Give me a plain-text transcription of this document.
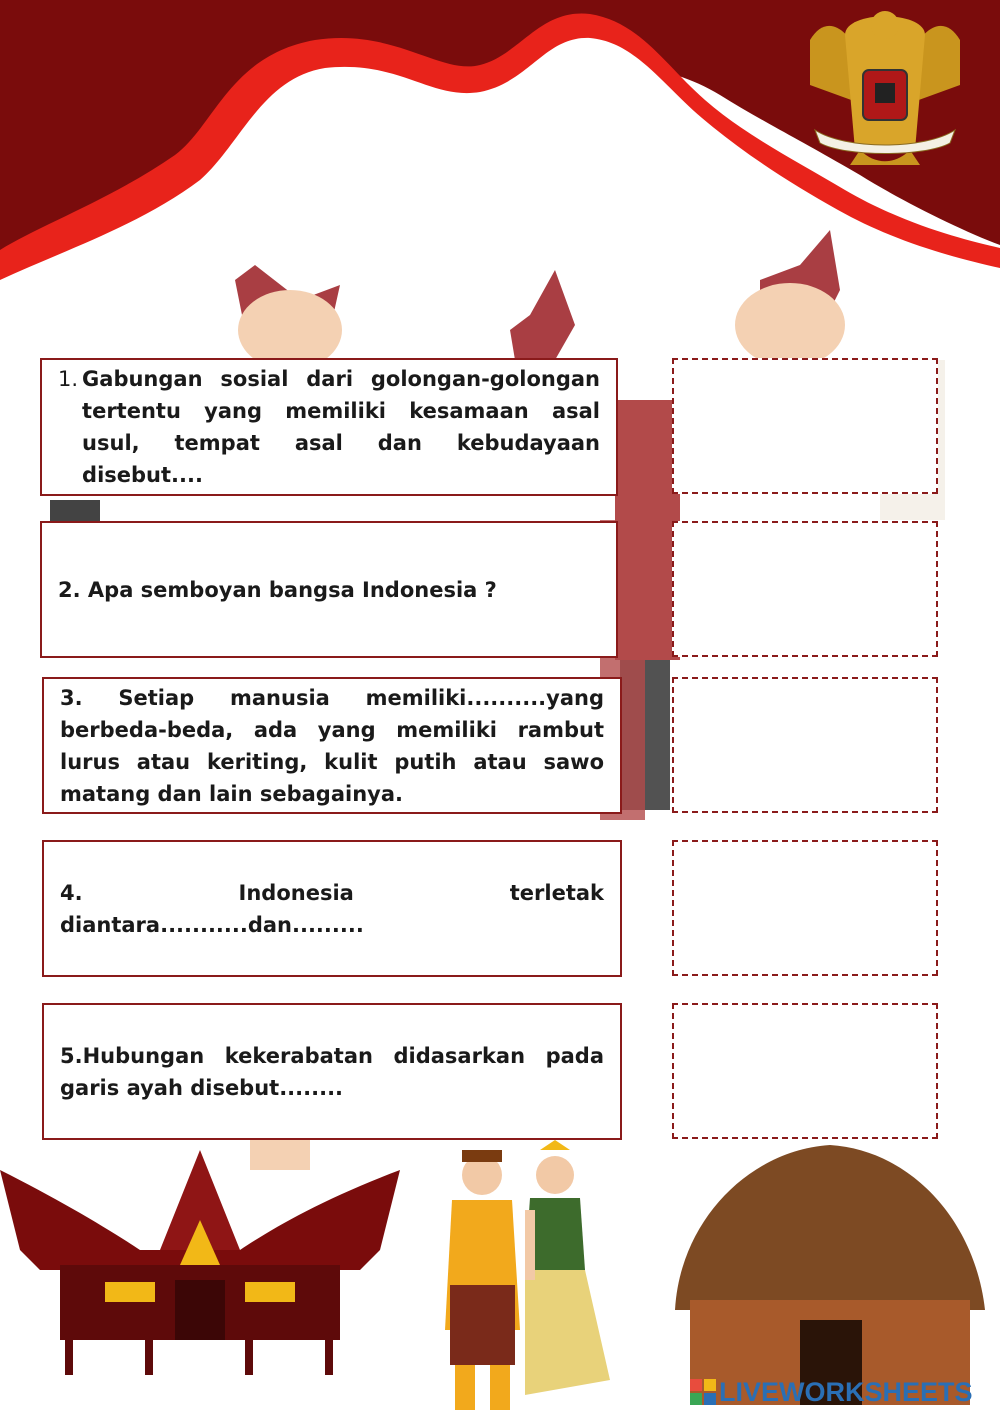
1. Gabungan sosial dari golongan-golongan tertentu yang memiliki kesamaan asal usul, tempat asal dan kebudayaan disebut....
2. Apa semboyan bangsa Indonesia ?
3. Setiap manusia memiliki..........yang berbeda-beda, ada yang memiliki rambut lurus atau keriting, kulit putih atau sawo matang dan lain sebagainya.
4.	Indonesia terletak diantara...........dan.........
5.Hubungan kekerabatan didasarkan pada garis ayah disebut........
LIVEWORKSHEETS
